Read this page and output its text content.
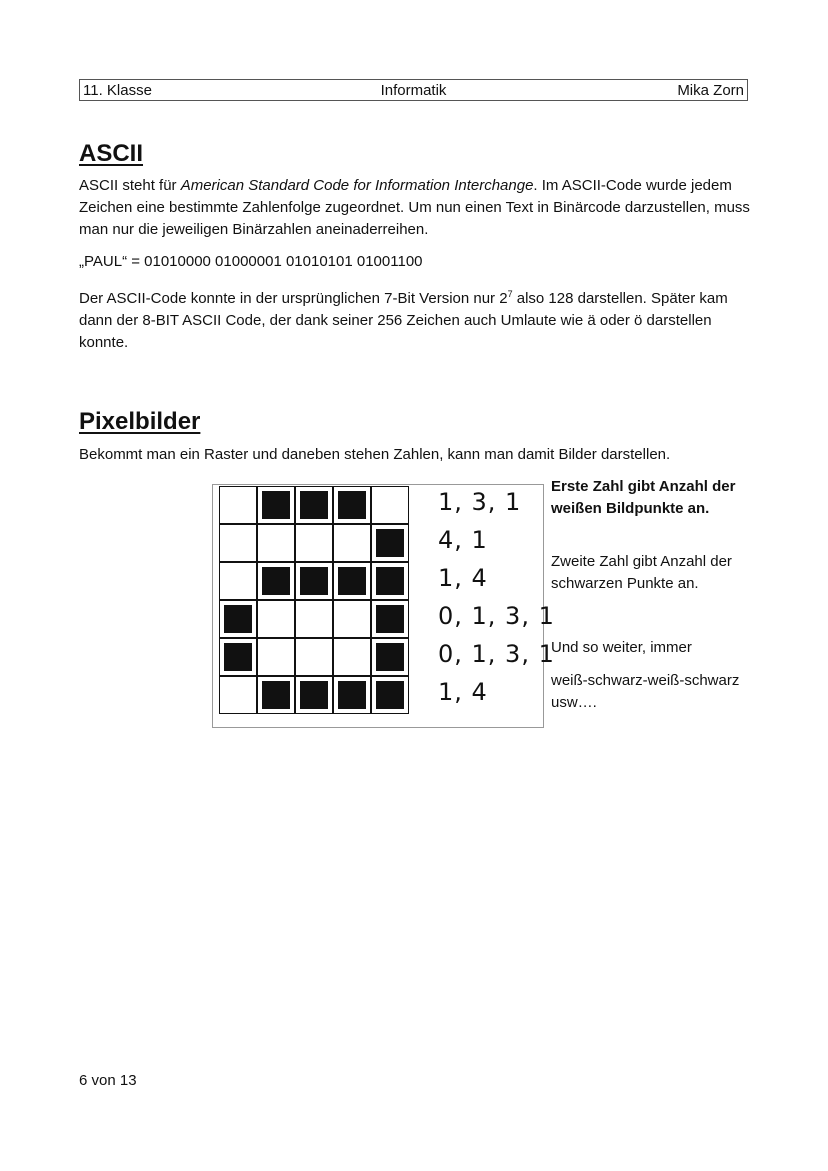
11. Klasse	Informatik	Mika Zorn
ASCII

ASCII steht für American Standard Code for Information Interchange. Im ASCII-Code wurde jedem Zeichen eine bestimmte Zahlenfolge zugeordnet. Um nun einen Text in Binärcode darzustellen, muss man nur die jeweiligen Binärzahlen aneinaderreihen.

„PAUL“ = 01010000 01000001 01010101 01001100

Der ASCII-Code konnte in der ursprünglichen 7-Bit Version nur $2^7$ also 128 darstellen. Später kam dann der 8-BIT ASCII Code, der dank seiner 256 Zeichen auch Umlaute wie ä oder ö darstellen konnte.

Pixelbilder

Bekommt man ein Raster und daneben stehen Zahlen, kann man damit Bilder darstellen.

1, 3, 1
4, 1
1, 4
0, 1, 3, 1
0, 1, 3, 1
1, 4

Erste Zahl gibt Anzahl der weißen Bildpunkte an.

Zweite Zahl gibt Anzahl der schwarzen Punkte an.

Und so weiter, immer

weiß-schwarz-weiß-schwarz usw….

6 von 13
